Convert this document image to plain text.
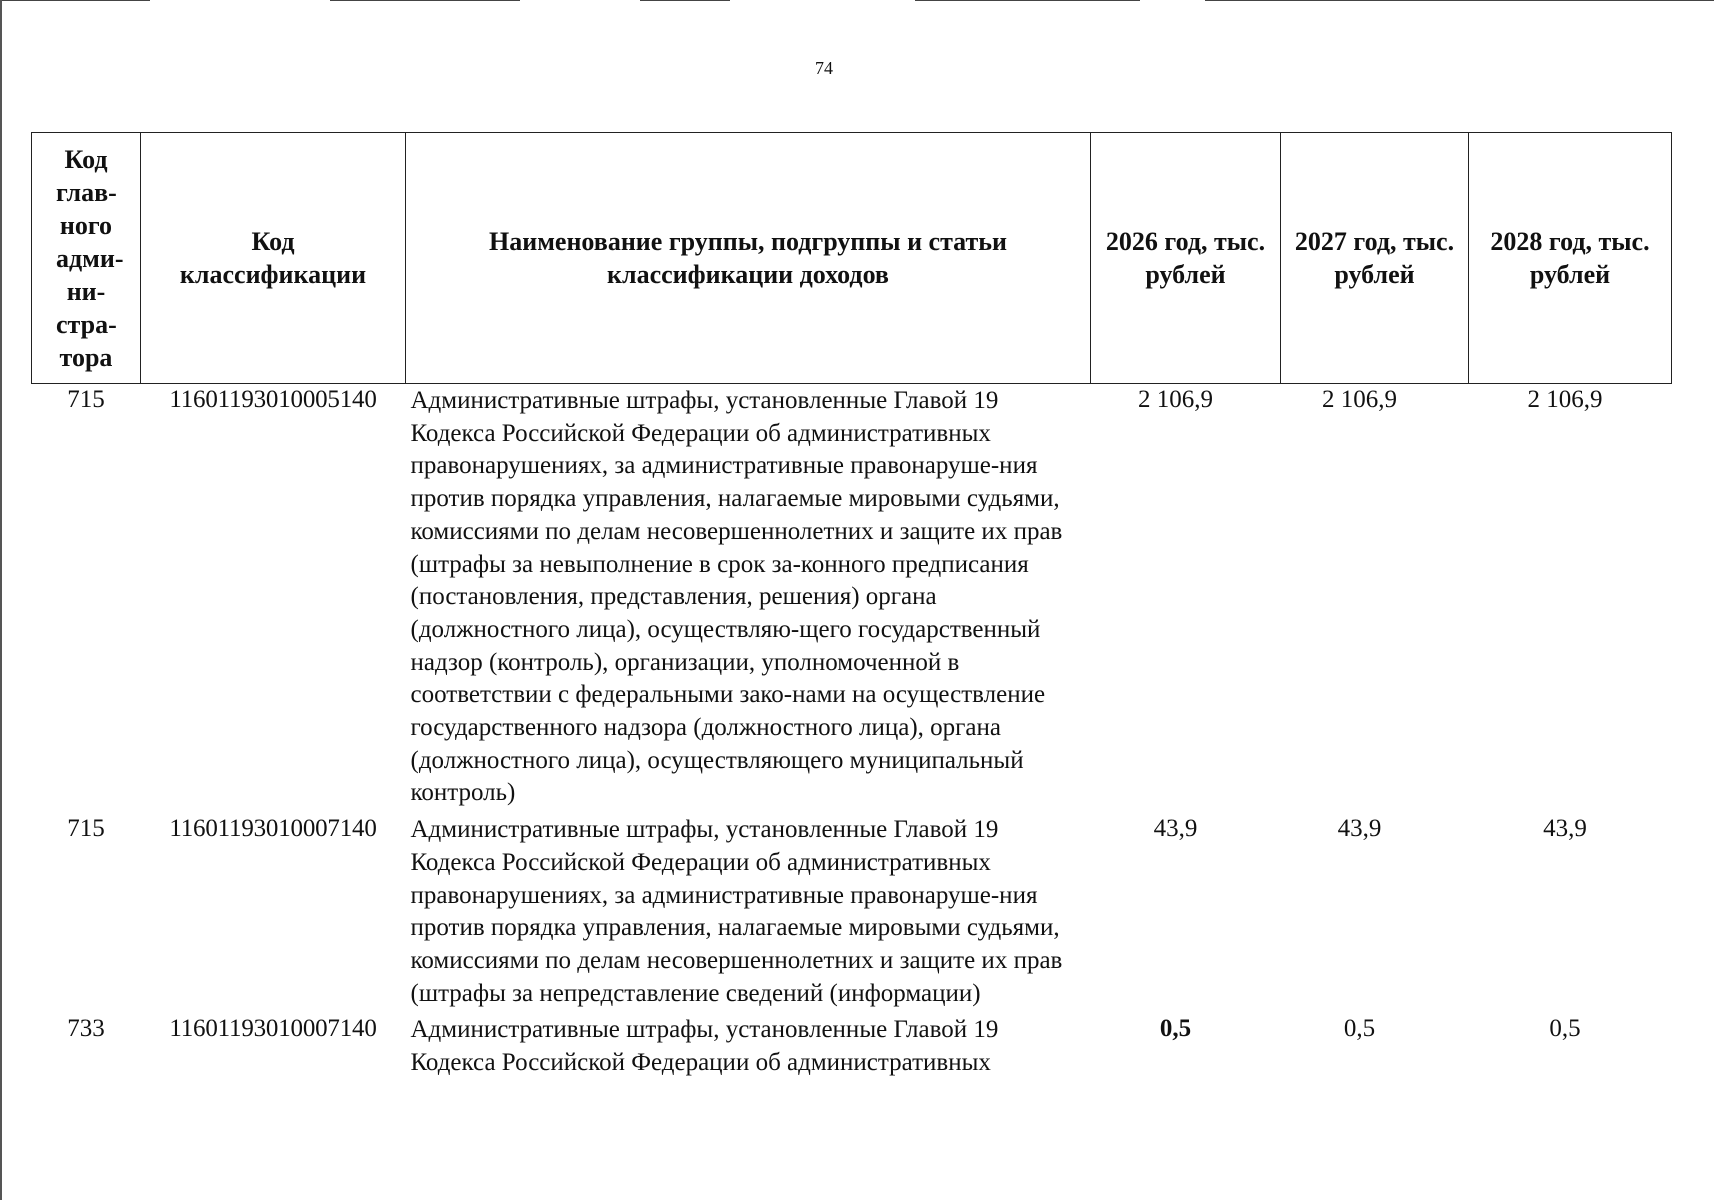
74
Код глав-ного адми-ни-стра-тора	Код классификации	Наименование группы, подгруппы и статьи классификации доходов	2026 год, тыс. рублей	2027 год, тыс. рублей	2028 год, тыс. рублей

715	11601193010005140	Административные штрафы, установленные Главой 19 Кодекса Российской Федерации об административных правонарушениях, за административные правонаруше-ния против порядка управления, налагаемые мировыми судьями, комиссиями по делам несовершеннолетних и защите их прав (штрафы за невыполнение в срок за-конного предписания (постановления, представления, решения) органа (должностного лица), осуществляю-щего государственный надзор (контроль), организации, уполномоченной в соответствии с федеральными зако-нами на осуществление государственного надзора (должностного лица), органа (должностного лица), осуществляющего муниципальный контроль)	2 106,9	2 106,9	2 106,9
715	11601193010007140	Административные штрафы, установленные Главой 19 Кодекса Российской Федерации об административных правонарушениях, за административные правонаруше-ния против порядка управления, налагаемые мировыми судьями, комиссиями по делам несовершеннолетних и защите их прав (штрафы за непредставление сведений (информации)	43,9	43,9	43,9
733	11601193010007140	Административные штрафы, установленные Главой 19 Кодекса Российской Федерации об административных	0,5	0,5	0,5
